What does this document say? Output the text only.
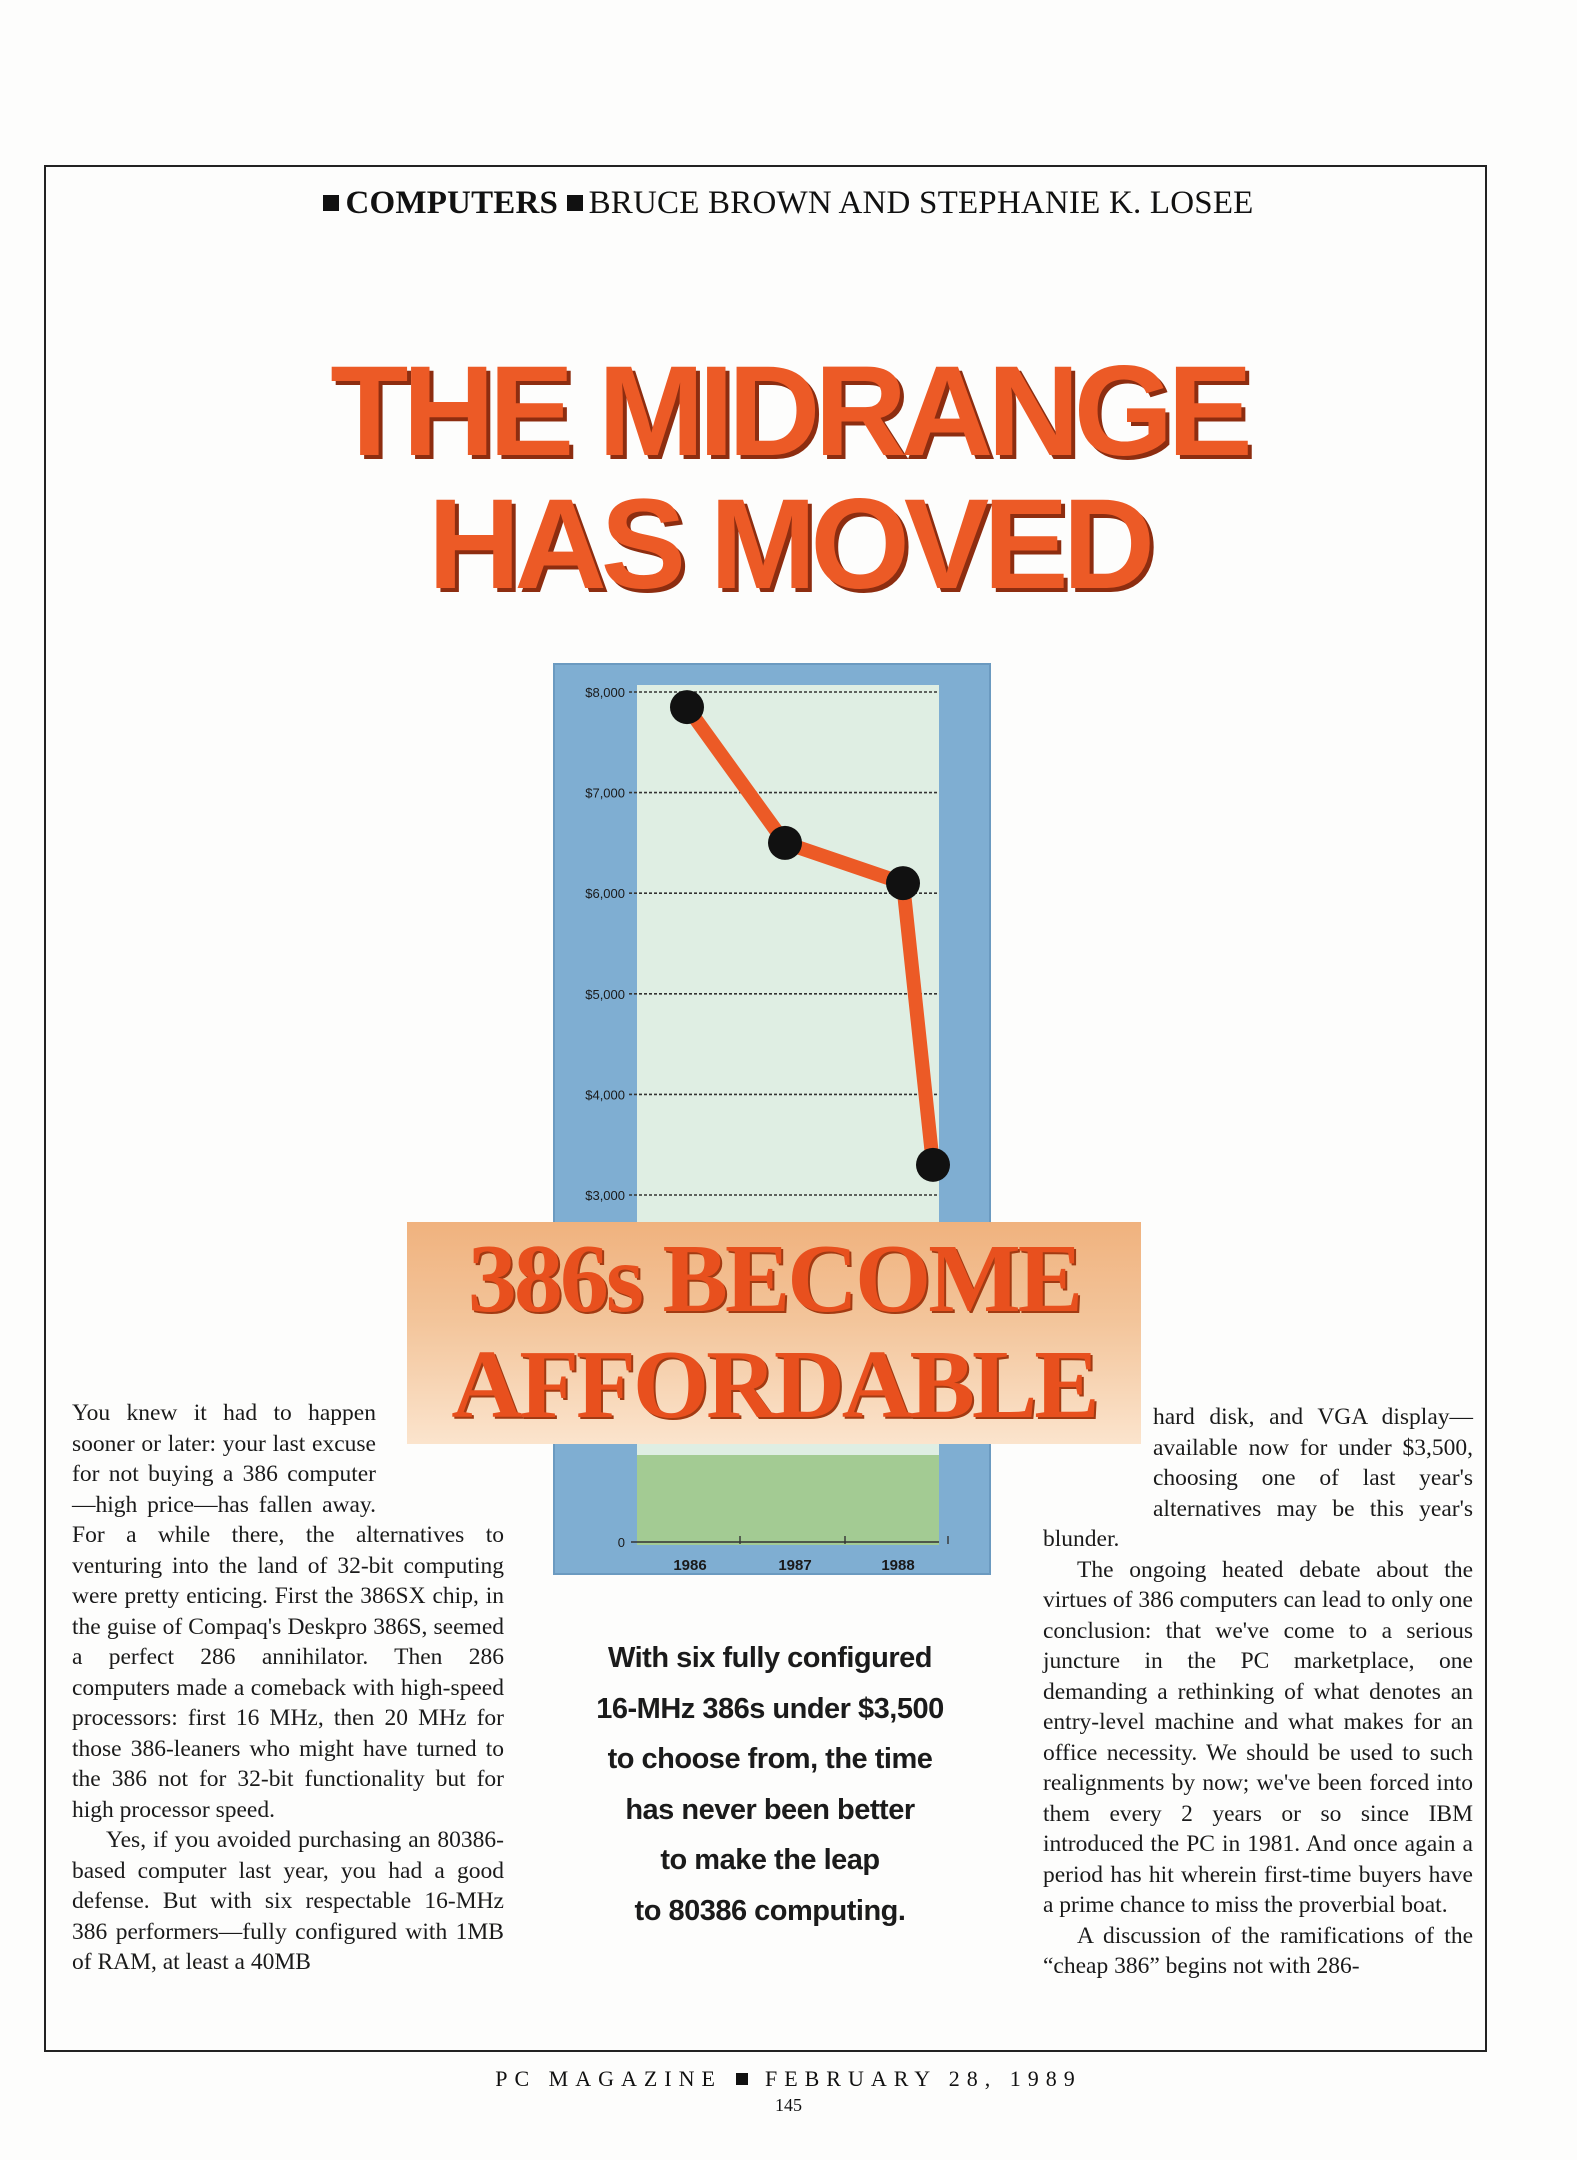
COMPUTERS BRUCE BROWN AND STEPHANIE K. LOSEE
THE MIDRANGE
HAS MOVED
$8,000
$7,000
$6,000
$5,000
$4,000
$3,000
0
1986	1987	1988
386s BECOME
AFFORDABLE

You knew it had to happen sooner or later: your last excuse for not buying a 386 computer—high price—has fallen away. For a while there, the alternatives to venturing into the land of 32-bit computing were pretty enticing. First the 386SX chip, in the guise of Compaq's Deskpro 386S, seemed a perfect 286 annihilator. Then 286 computers made a comeback with high-speed processors: first 16 MHz, then 20 MHz for those 386-leaners who might have turned to the 386 not for 32-bit functionality but for high processor speed.

Yes, if you avoided purchasing an 80386-based computer last year, you had a good defense. But with six respectable 16-MHz 386 performers—fully configured with 1MB of RAM, at least a 40MB

With six fully configured
16-MHz 386s under $3,500
to choose from, the time
has never been better
to make the leap
to 80386 computing.

hard disk, and VGA display—available now for under $3,500, choosing one of last year's alternatives may be this year's blunder.

The ongoing heated debate about the virtues of 386 computers can lead to only one conclusion: that we've come to a serious juncture in the PC marketplace, one demanding a rethinking of what denotes an entry-level machine and what makes for an office necessity. We should be used to such realignments by now; we've been forced into them every 2 years or so since IBM introduced the PC in 1981. And once again a period has hit wherein first-time buyers have a prime chance to miss the proverbial boat.

A discussion of the ramifications of the “cheap 386” begins not with 286-

PC MAGAZINE FEBRUARY 28, 1989
145
